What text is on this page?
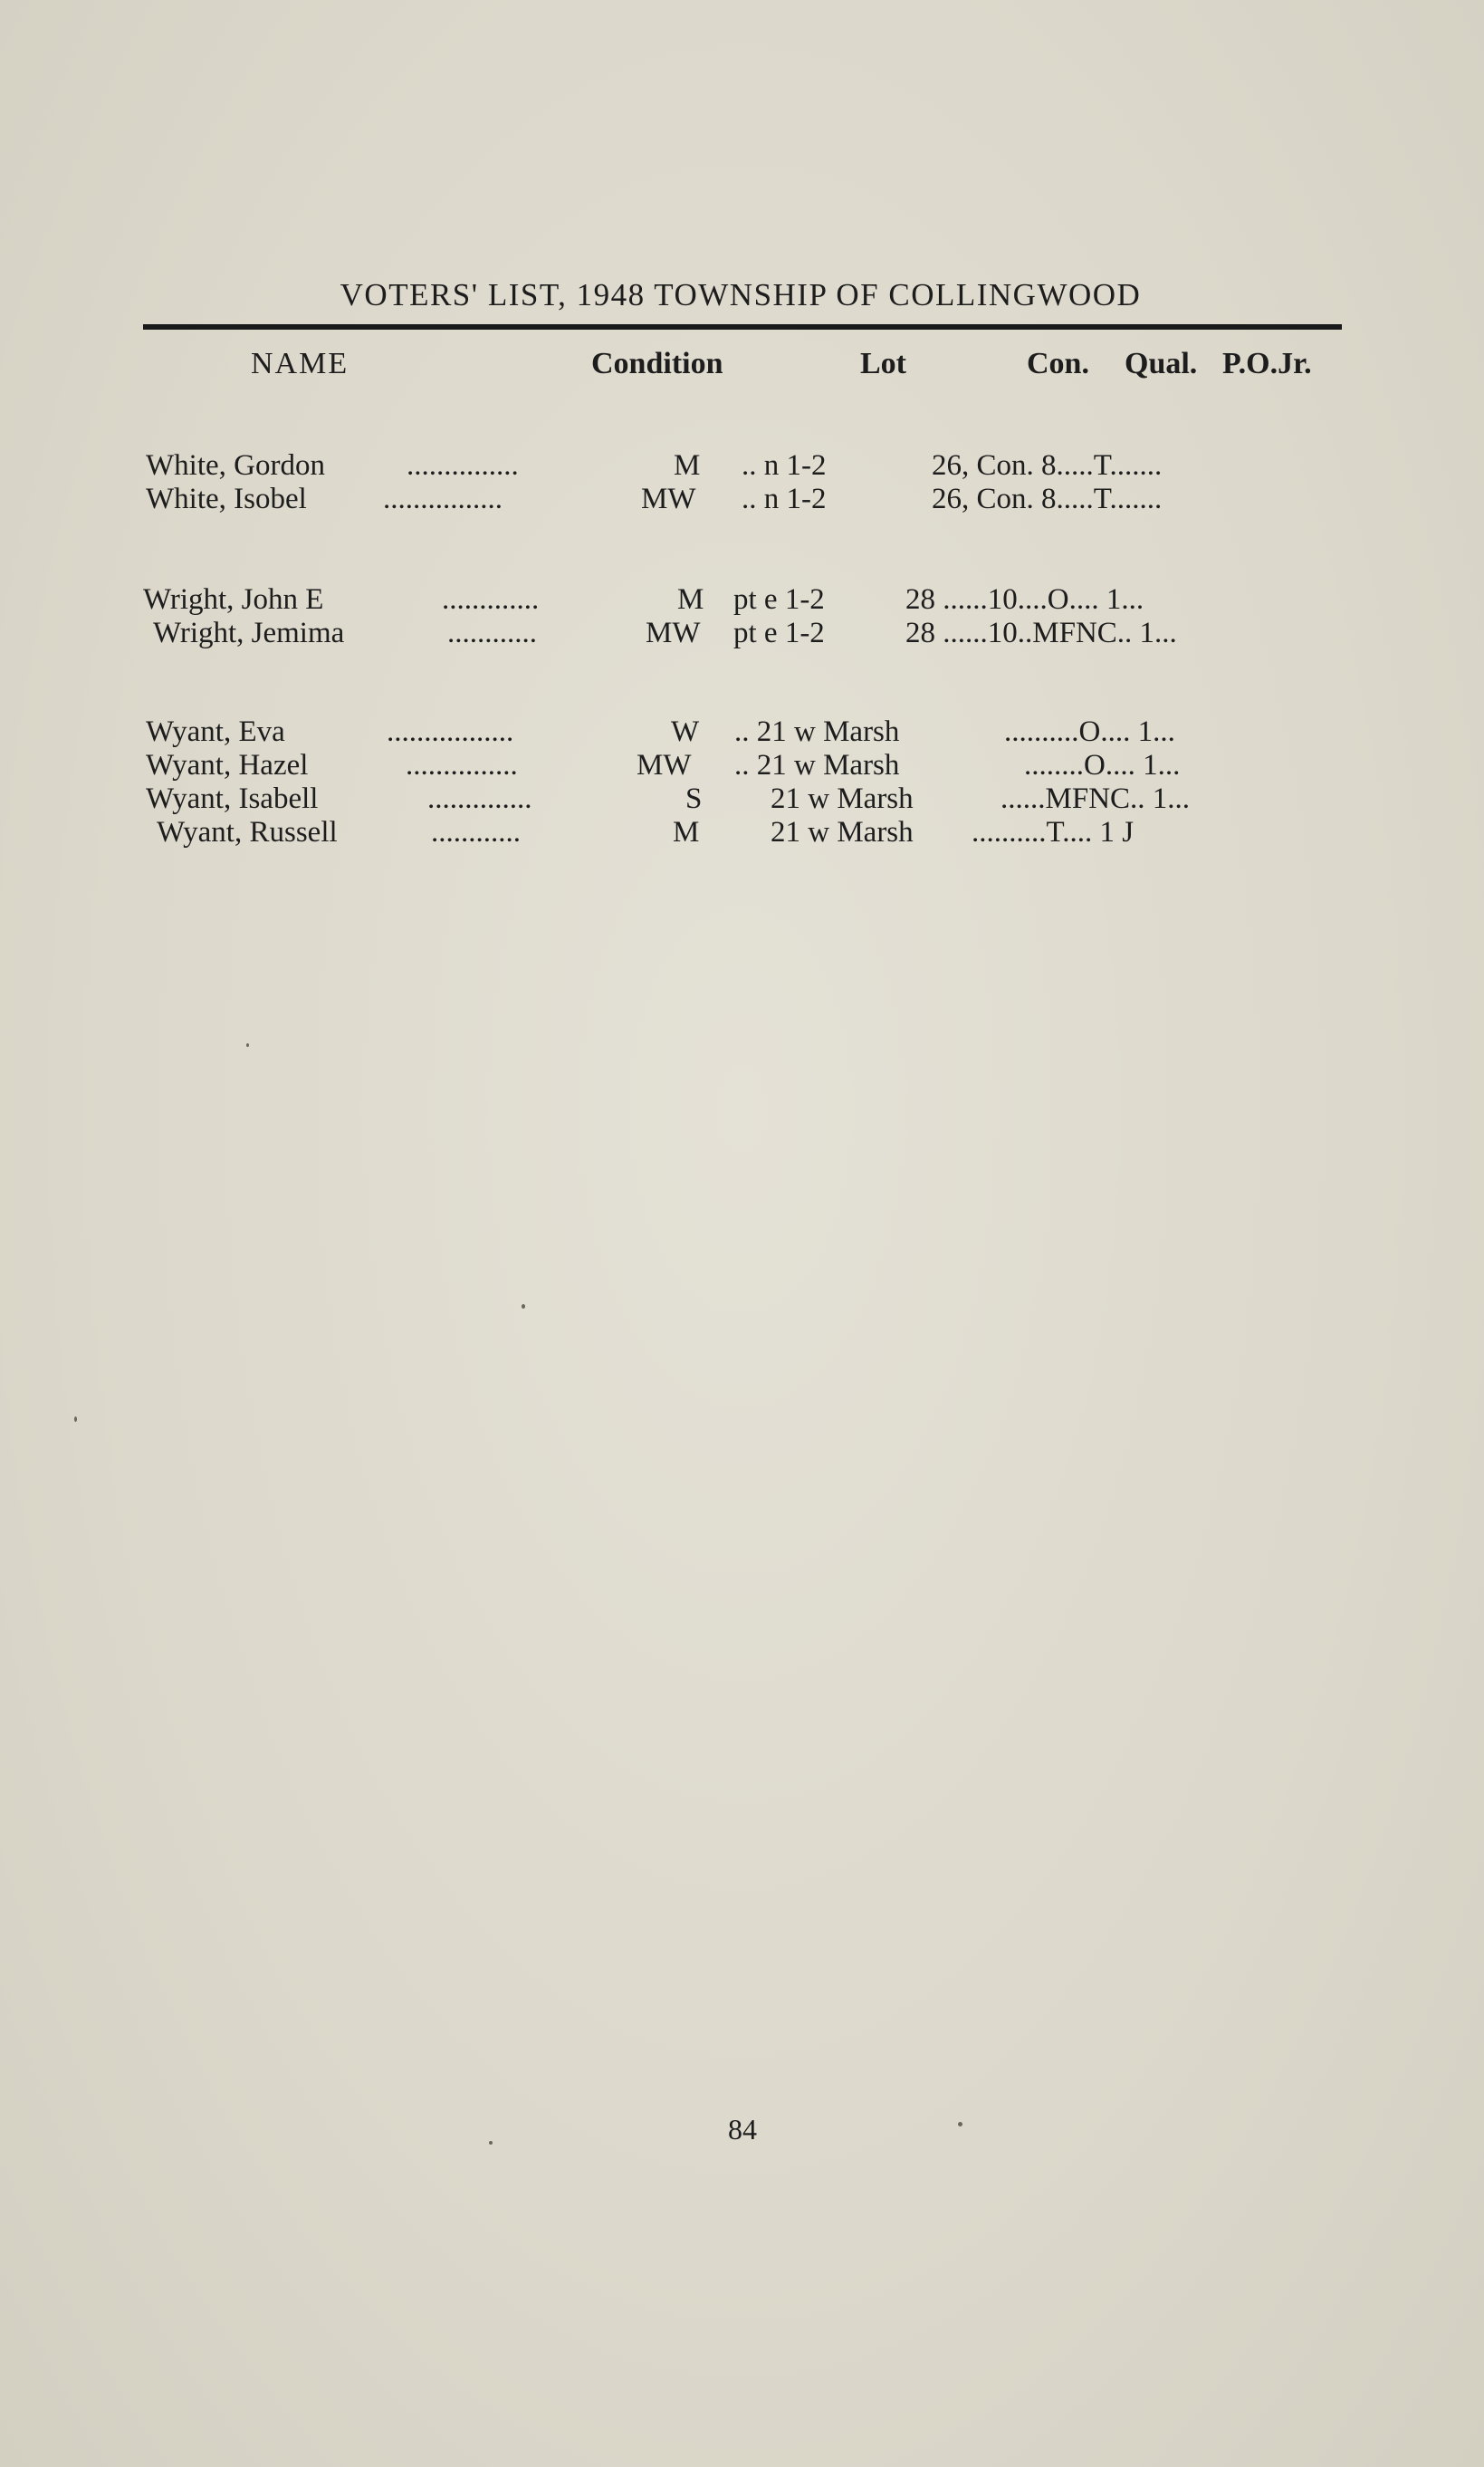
VOTERS' LIST, 1948 TOWNSHIP OF COLLINGWOOD
NAME	Condition	Lot	Con. Qual. P.O.Jr.
White, Gordon	...............	M .. n 1-2	26, Con. 8.....T.......
White, Isobel	................	MW .. n 1-2	26, Con. 8.....T.......
Wright, John E	.............	M pt e 1-2	28 ......10....O.... 1...
Wright, Jemima	............	MW pt e 1-2	28 ......10..MFNC.. 1...
Wyant, Eva	.................	W .. 21 w Marsh	..........O.... 1...
Wyant, Hazel	...............	MW .. 21 w Marsh	........O.... 1...
Wyant, Isabell	..............	S 21 w Marsh	......MFNC.. 1...
Wyant, Russell	............	M 21 w Marsh ..........T.... 1 J
84
